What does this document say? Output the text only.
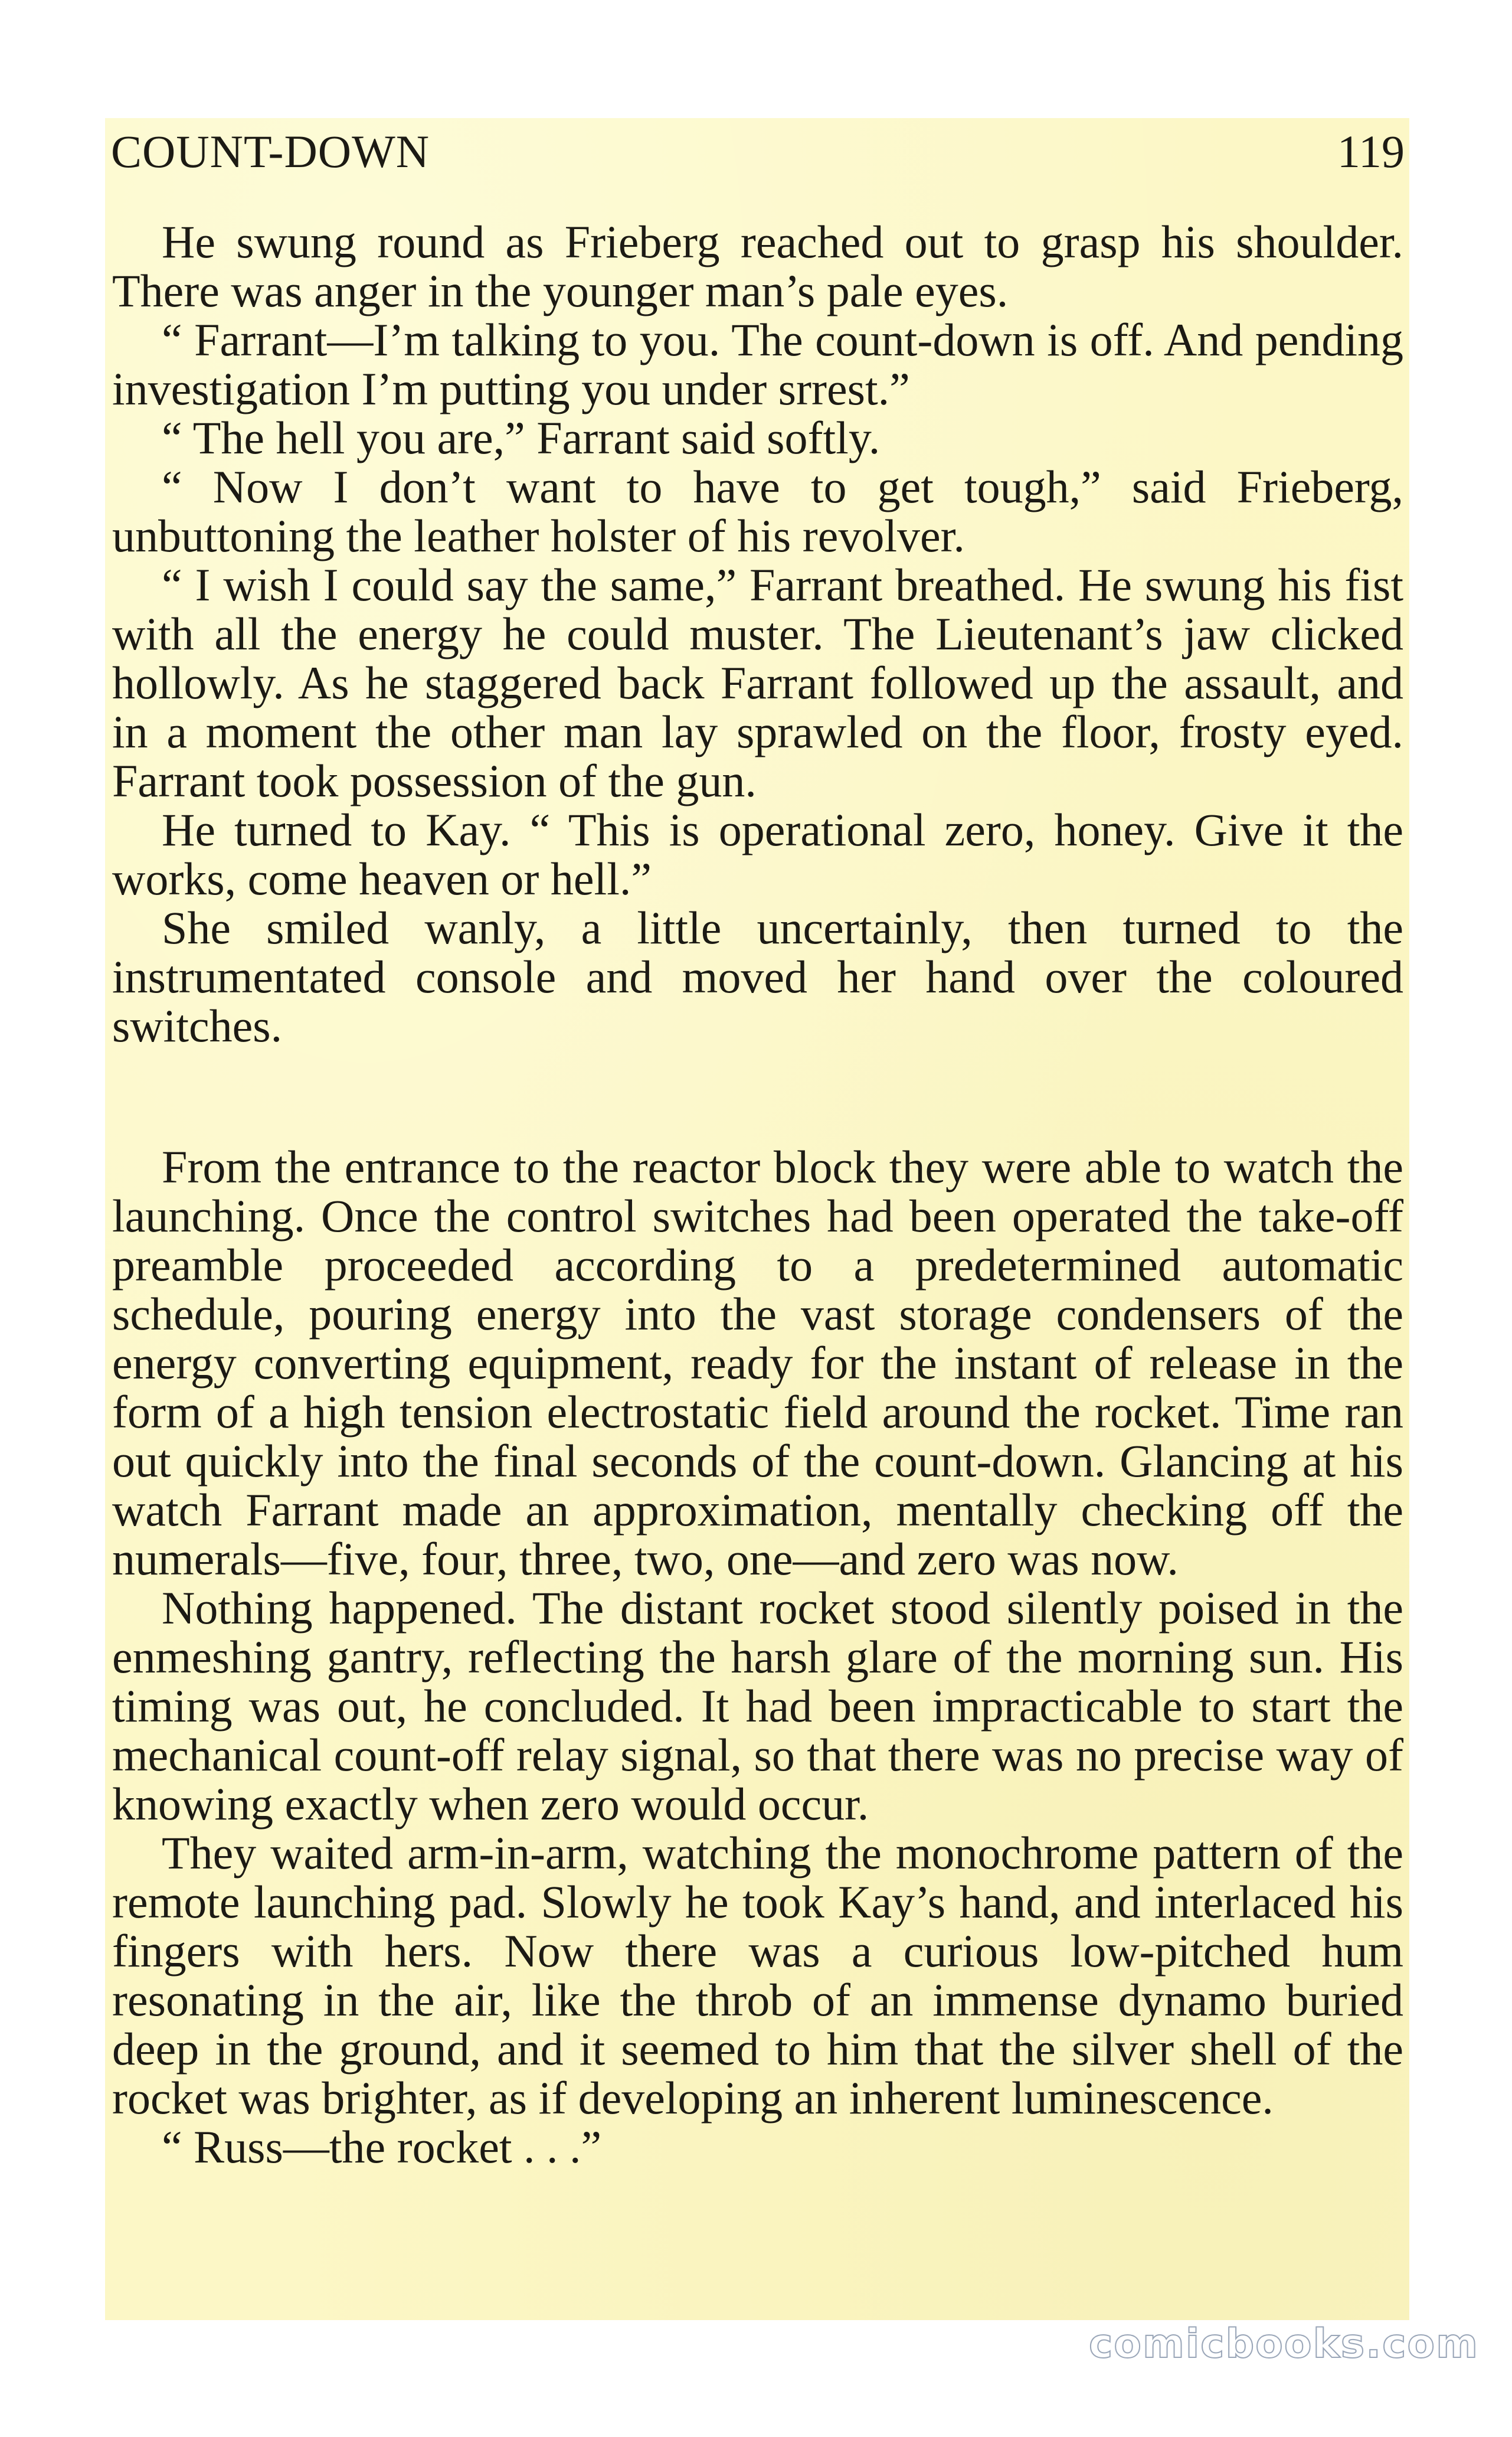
COUNT-DOWN	119

He swung round as Frieberg reached out to grasp his shoulder. There was anger in the younger man’s pale eyes.

“ Farrant—I’m talking to you. The count-down is off. And pending investigation I’m putting you under srrest.”

“ The hell you are,” Farrant said softly.

“ Now I don’t want to have to get tough,” said Frieberg, unbuttoning the leather holster of his revolver.

“ I wish I could say the same,” Farrant breathed. He swung his fist with all the energy he could muster. The Lieutenant’s jaw clicked hollowly. As he staggered back Farrant followed up the assault, and in a moment the other man lay sprawled on the floor, frosty eyed. Farrant took possession of the gun.

He turned to Kay. “ This is operational zero, honey. Give it the works, come heaven or hell.”

She smiled wanly, a little uncertainly, then turned to the instrumentated console and moved her hand over the coloured switches.

From the entrance to the reactor block they were able to watch the launching. Once the control switches had been operated the take-off preamble proceeded according to a predetermined automatic schedule, pouring energy into the vast storage condensers of the energy converting equipment, ready for the instant of release in the form of a high tension electrostatic field around the rocket. Time ran out quickly into the final seconds of the count-down. Glancing at his watch Farrant made an approximation, mentally checking off the numerals—five, four, three, two, one—and zero was now.

Nothing happened. The distant rocket stood silently poised in the enmeshing gantry, reflecting the harsh glare of the morning sun. His timing was out, he concluded. It had been impracticable to start the mechanical count-off relay signal, so that there was no precise way of knowing exactly when zero would occur.

They waited arm-in-arm, watching the monochrome pattern of the remote launching pad. Slowly he took Kay’s hand, and interlaced his fingers with hers. Now there was a curious low-pitched hum resonating in the air, like the throb of an immense dynamo buried deep in the ground, and it seemed to him that the silver shell of the rocket was brighter, as if developing an inherent luminescence.

“ Russ—the rocket . . .”

comicbooks.com
